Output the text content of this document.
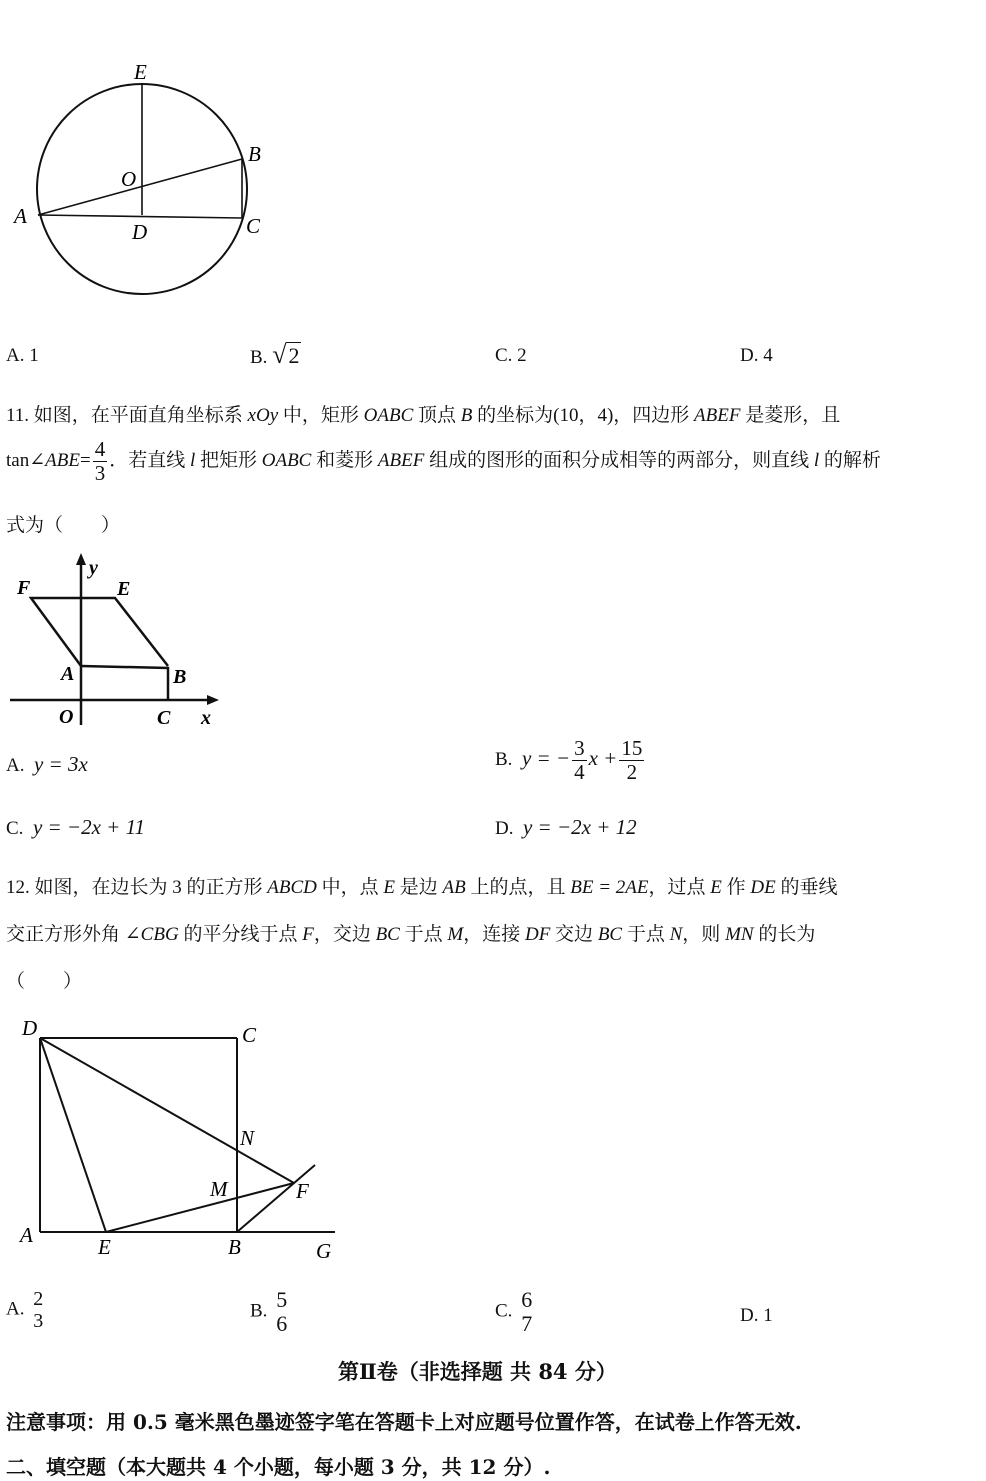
E
O
B
A
D	C
A. 1	B. √2	C. 2	D. 4
11. 如图，在平面直角坐标系 xOy 中，矩形 OABC 顶点 B 的坐标为(10，4)，四边形 ABEF 是菱形，且
tan∠ABE= $\frac{4}{3}$ ．若直线 l 把矩形 OABC 和菱形 ABEF 组成的图形的面积分成相等的两部分，则直线 l 的解析
式为（　　）
F
y
E
A	B
O	C x
A. y = 3x	B. y = − $\frac{3}{4}$ $x + \frac{15}{2}$
C. y = −2x + 11	D. y = −2x + 12
12. 如图，在边长为 3 的正方形 ABCD 中，点 E 是边 AB 上的点，且 BE = 2AE，过点 E 作 DE 的垂线
交正方形外角 ∠CBG 的平分线于点 F，交边 BC 于点 M，连接 DF 交边 BC 于点 N，则 MN 的长为
（　　）
D	C
N
M	F
A	E	B	G
A. 2
3	B. 5
6
C. 6
7	D. 1
第Ⅱ卷（非选择题 共 84 分）
注意事项：用 0.5 毫米黑色墨迹签字笔在答题卡上对应题号位置作答，在试卷上作答无效.
二、填空题（本大题共 4 个小题，每小题 3 分，共 12 分）.
